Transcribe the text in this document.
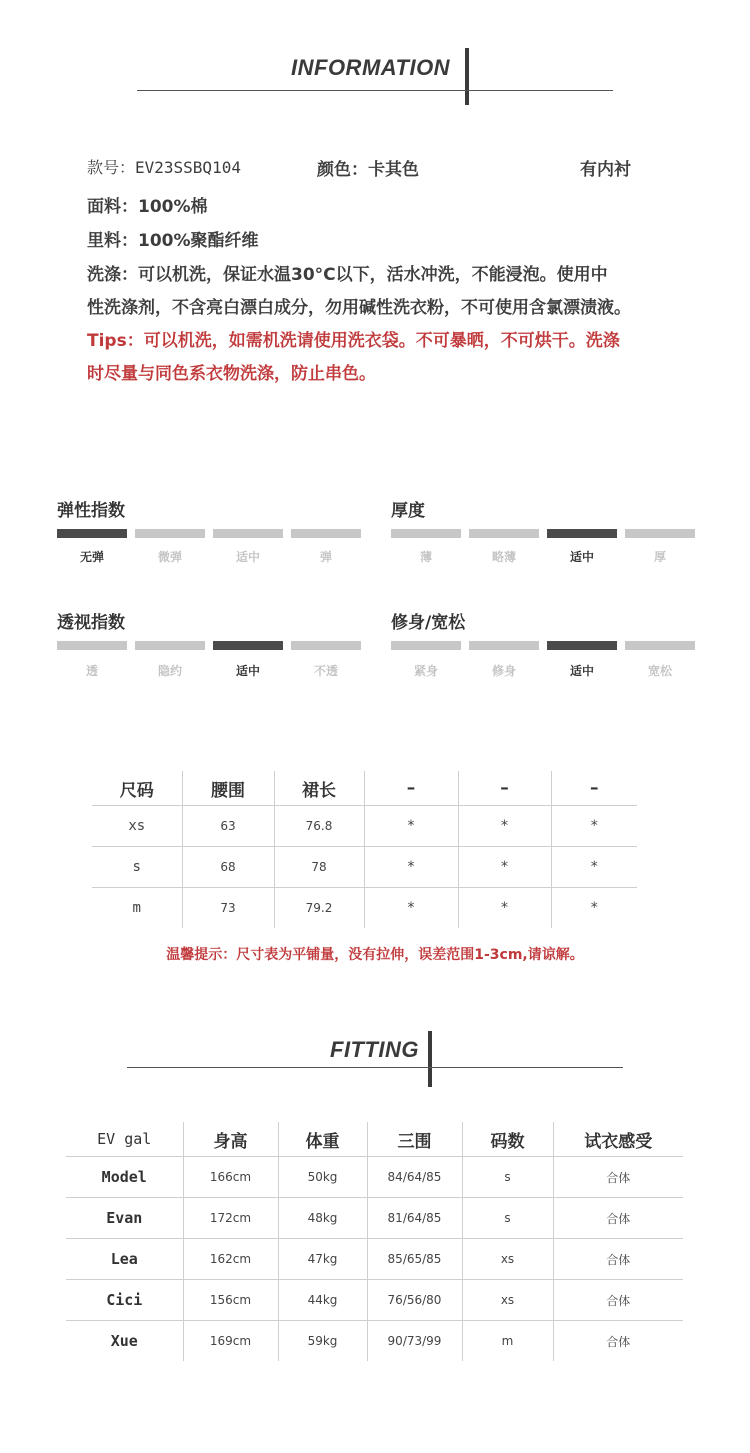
INFORMATION
款号：EV23SSBQ104	颜色：卡其色	有内衬
面料：100%棉
里料：100%聚酯纤维
洗涤：可以机洗，保证水温30°C以下，活水冲洗，不能浸泡。使用中
性洗涤剂，不含亮白漂白成分，勿用碱性洗衣粉，不可使用含氯漂渍液。
Tips：可以机洗，如需机洗请使用洗衣袋。不可暴晒，不可烘干。洗涤
时尽量与同色系衣物洗涤，防止串色。
弹性指数
无弹	微弹	适中	弹
厚度
薄	略薄	适中	厚
透视指数
透	隐约	适中	不透
修身/宽松
紧身	修身	适中	宽松
尺码	腰围	裙长	–	–	–
xs	63	76.8	*	*	*
s	68	78	*	*	*
m	73	79.2	*	*	*
温馨提示：尺寸表为平铺量，没有拉伸，误差范围1-3cm,请谅解。
FITTING
EV gal	身高	体重	三围	码数	试衣感受
Model	166cm	50kg	84/64/85	s	合体
Evan	172cm	48kg	81/64/85	s	合体
Lea	162cm	47kg	85/65/85	xs	合体
Cici	156cm	44kg	76/56/80	xs	合体
Xue	169cm	59kg	90/73/99	m	合体
